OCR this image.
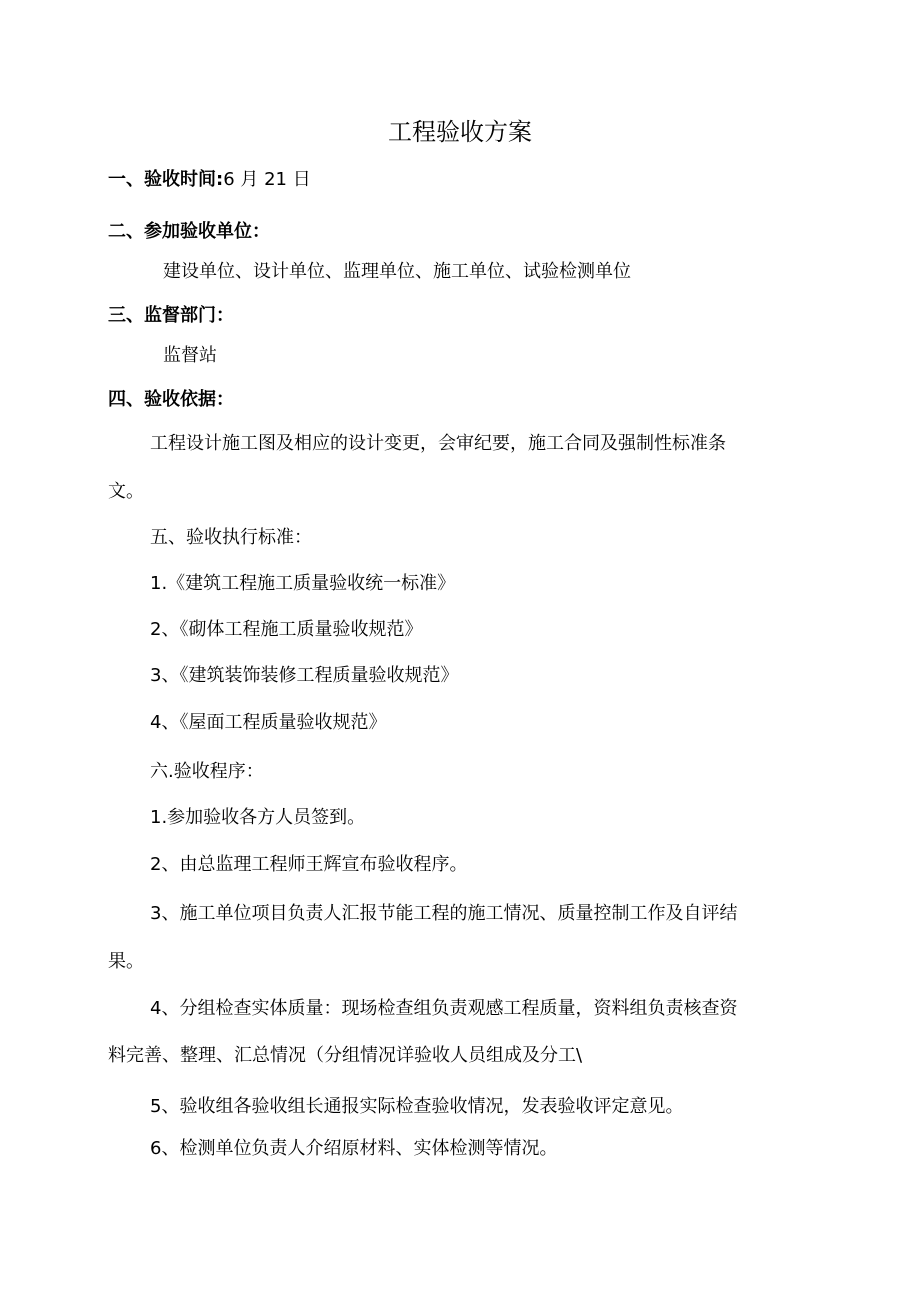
工程验收方案
一、验收时间:6 月 21 日
二、参加验收单位：
建设单位、设计单位、监理单位、施工单位、试验检测单位
三、监督部门：
监督站
四、验收依据：
工程设计施工图及相应的设计变更，会审纪要，施工合同及强制性标准条
文。
五、验收执行标准：
1.《建筑工程施工质量验收统一标准》
2、《砌体工程施工质量验收规范》
3、《建筑装饰装修工程质量验收规范》
4、《屋面工程质量验收规范》
六.验收程序：
1.参加验收各方人员签到。
2、由总监理工程师王辉宣布验收程序。
3、施工单位项目负责人汇报节能工程的施工情况、质量控制工作及自评结
果。
4、分组检查实体质量：现场检查组负责观感工程质量，资料组负责核查资
料完善、整理、汇总情况（分组情况详验收人员组成及分工\
5、验收组各验收组长通报实际检查验收情况，发表验收评定意见。
6、检测单位负责人介绍原材料、实体检测等情况。
